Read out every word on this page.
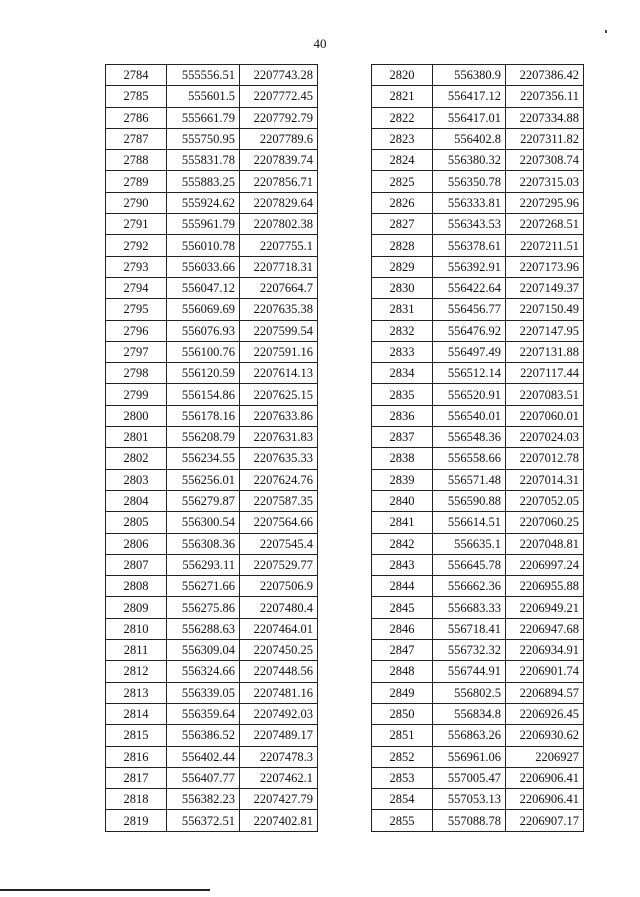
40
2784	555556.51	2207743.28
2785	555601.5	2207772.45
2786	555661.79	2207792.79
2787	555750.95	2207789.6
2788	555831.78	2207839.74
2789	555883.25	2207856.71
2790	555924.62	2207829.64
2791	555961.79	2207802.38
2792	556010.78	2207755.1
2793	556033.66	2207718.31
2794	556047.12	2207664.7
2795	556069.69	2207635.38
2796	556076.93	2207599.54
2797	556100.76	2207591.16
2798	556120.59	2207614.13
2799	556154.86	2207625.15
2800	556178.16	2207633.86
2801	556208.79	2207631.83
2802	556234.55	2207635.33
2803	556256.01	2207624.76
2804	556279.87	2207587.35
2805	556300.54	2207564.66
2806	556308.36	2207545.4
2807	556293.11	2207529.77
2808	556271.66	2207506.9
2809	556275.86	2207480.4
2810	556288.63	2207464.01
2811	556309.04	2207450.25
2812	556324.66	2207448.56
2813	556339.05	2207481.16
2814	556359.64	2207492.03
2815	556386.52	2207489.17
2816	556402.44	2207478.3
2817	556407.77	2207462.1
2818	556382.23	2207427.79
2819	556372.51	2207402.81
2820	556380.9	2207386.42
2821	556417.12	2207356.11
2822	556417.01	2207334.88
2823	556402.8	2207311.82
2824	556380.32	2207308.74
2825	556350.78	2207315.03
2826	556333.81	2207295.96
2827	556343.53	2207268.51
2828	556378.61	2207211.51
2829	556392.91	2207173.96
2830	556422.64	2207149.37
2831	556456.77	2207150.49
2832	556476.92	2207147.95
2833	556497.49	2207131.88
2834	556512.14	2207117.44
2835	556520.91	2207083.51
2836	556540.01	2207060.01
2837	556548.36	2207024.03
2838	556558.66	2207012.78
2839	556571.48	2207014.31
2840	556590.88	2207052.05
2841	556614.51	2207060.25
2842	556635.1	2207048.81
2843	556645.78	2206997.24
2844	556662.36	2206955.88
2845	556683.33	2206949.21
2846	556718.41	2206947.68
2847	556732.32	2206934.91
2848	556744.91	2206901.74
2849	556802.5	2206894.57
2850	556834.8	2206926.45
2851	556863.26	2206930.62
2852	556961.06	2206927
2853	557005.47	2206906.41
2854	557053.13	2206906.41
2855	557088.78	2206907.17
